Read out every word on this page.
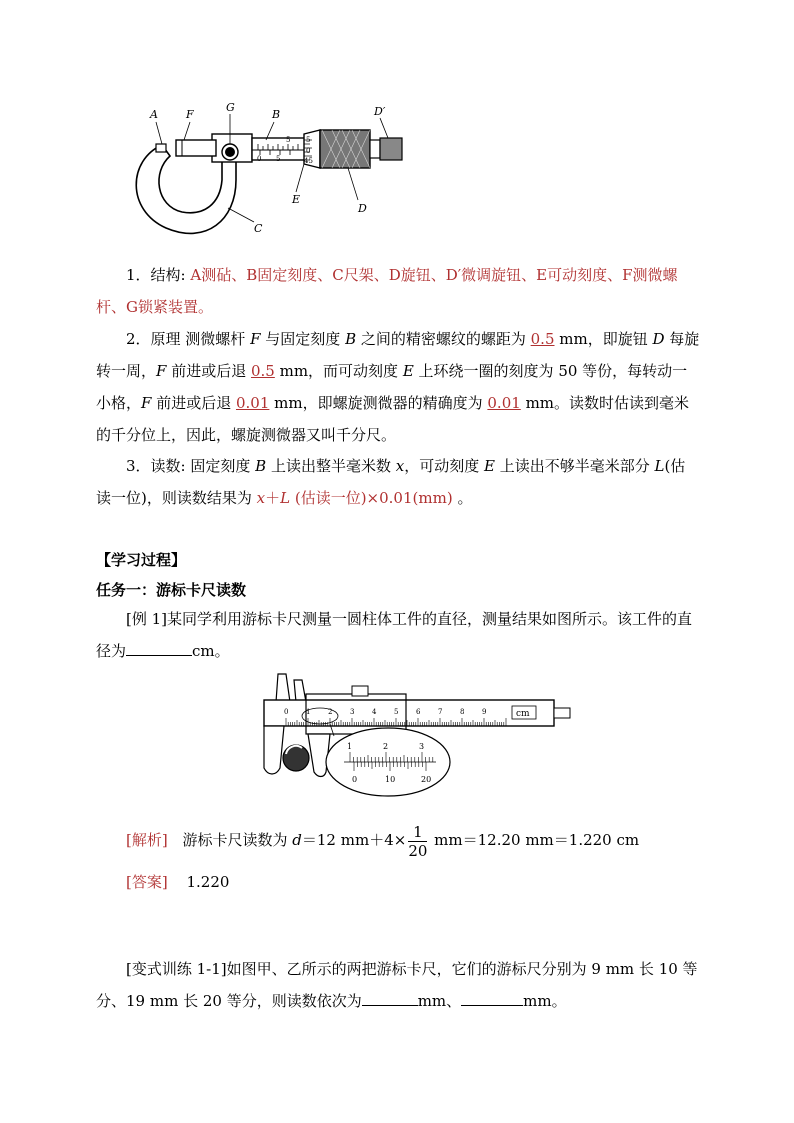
A	F
G
B	D′
E
D
C
5
0 5
5
0
45
1．结构: A测砧、B固定刻度、C尺架、D旋钮、D′微调旋钮、E可动刻度、F测微螺杆、G锁紧装置。
2．原理 测微螺杆 F 与固定刻度 B 之间的精密螺纹的螺距为 0.5 mm，即旋钮 D 每旋转一周，F 前进或后退 0.5 mm，而可动刻度 E 上环绕一圈的刻度为 50 等份，每转动一小格，F 前进或后退 0.01 mm，即螺旋测微器的精确度为 0.01 mm。读数时估读到毫米的千分位上，因此，螺旋测微器又叫千分尺。
3．读数: 固定刻度 B 上读出整半毫米数 x，可动刻度 E 上读出不够半毫米部分 L(估读一位)，则读数结果为 x＋L (估读一位)×0.01(mm) 。
【学习过程】
任务一：游标卡尺读数
[例 1]某同学利用游标卡尺测量一圆柱体工件的直径，测量结果如图所示。该工件的直径为	cm。
0	1	2	3	4	5	6	7	8	9	cm
1	2	3
0	10	20
[解析] 游标卡尺读数为 d＝12 $mm+4\times \frac{1}{20} mm=12.20$ mm＝1.220 cm
[答案] 1.220
[变式训练 1-1]如图甲、乙所示的两把游标卡尺，它们的游标尺分别为 9 mm 长 10 等分、19 mm 长 20 等分，则读数依次为	mm、	mm。
